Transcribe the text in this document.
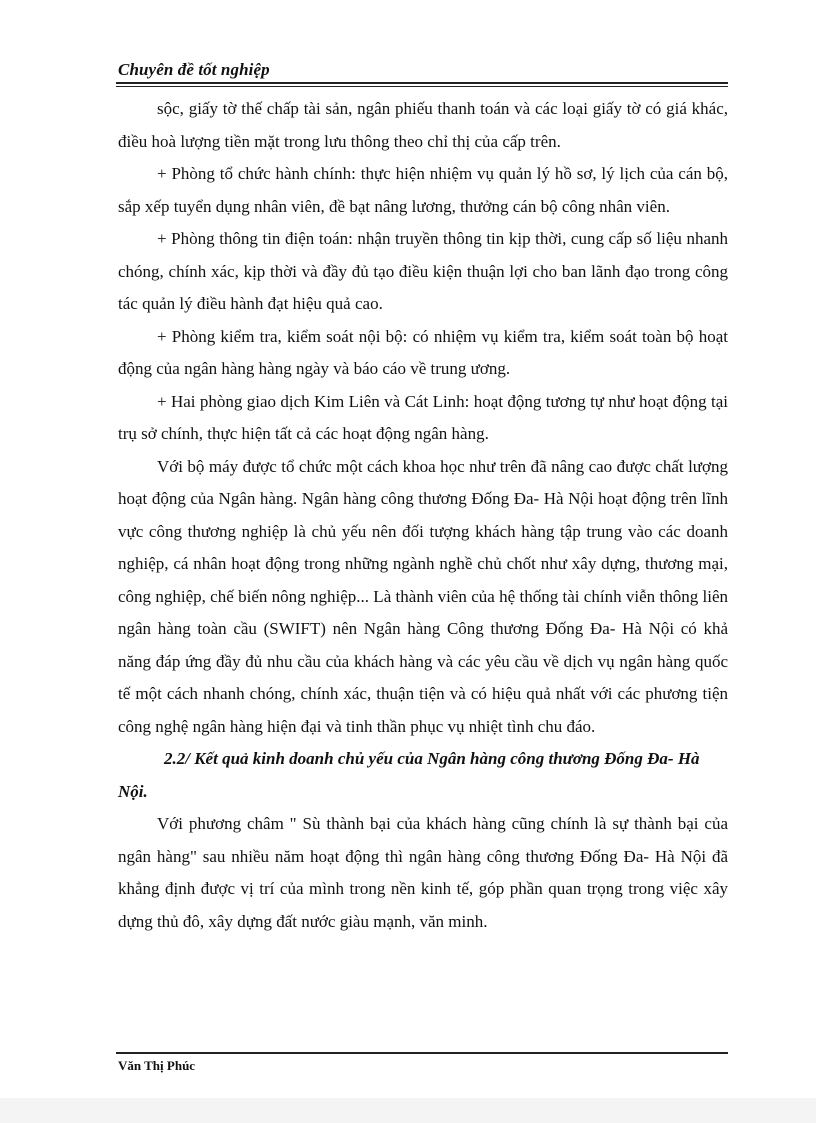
Chuyên đề tốt nghiệp

sộc, giấy tờ thế chấp tài sản, ngân phiếu thanh toán và các loại giấy tờ có giá khác, điều hoà lượng tiền mặt trong lưu thông theo chỉ thị của cấp trên.

+ Phòng tổ chức hành chính: thực hiện nhiệm vụ quản lý hồ sơ, lý lịch của cán bộ, sắp xếp tuyển dụng nhân viên, đề bạt nâng lương, thưởng cán bộ công nhân viên.

+ Phòng thông tin điện toán: nhận truyền thông tin kịp thời, cung cấp số liệu nhanh chóng, chính xác, kịp thời và đầy đủ tạo điều kiện thuận lợi cho ban lãnh đạo trong công tác quản lý điều hành đạt hiệu quả cao.

+ Phòng kiểm tra, kiểm soát nội bộ: có nhiệm vụ kiểm tra, kiểm soát toàn bộ hoạt động của ngân hàng hàng ngày và báo cáo về trung ương.

+ Hai phòng giao dịch Kim Liên và Cát Linh: hoạt động tương tự như hoạt động tại trụ sở chính, thực hiện tất cả các hoạt động ngân hàng.

Với bộ máy được tổ chức một cách khoa học như trên đã nâng cao được chất lượng hoạt động của Ngân hàng. Ngân hàng công thương Đống Đa- Hà Nội hoạt động trên lĩnh vực công thương nghiệp là chủ yếu nên đối tượng khách hàng tập trung vào các doanh nghiệp, cá nhân hoạt động trong những ngành nghề chủ chốt như xây dựng, thương mại, công nghiệp, chế biến nông nghiệp... Là thành viên của hệ thống tài chính viễn thông liên ngân hàng toàn cầu (SWIFT) nên Ngân hàng Công thương Đống Đa- Hà Nội có khả năng đáp ứng đầy đủ nhu cầu của khách hàng và các yêu cầu về dịch vụ ngân hàng quốc tế một cách nhanh chóng, chính xác, thuận tiện và có hiệu quả nhất với các phương tiện công nghệ ngân hàng hiện đại và tinh thần phục vụ nhiệt tình chu đáo.

2.2/ Kết quả kinh doanh chủ yếu của Ngân hàng công thương Đống Đa- Hà Nội.

Với phương châm " Sù thành bại của khách hàng cũng chính là sự thành bại của ngân hàng" sau nhiều năm hoạt động thì ngân hàng công thương Đống Đa- Hà Nội đã khẳng định được vị trí của mình trong nền kinh tế, góp phần quan trọng trong việc xây dựng thủ đô, xây dựng đất nước giàu mạnh, văn minh.

Văn Thị Phúc
